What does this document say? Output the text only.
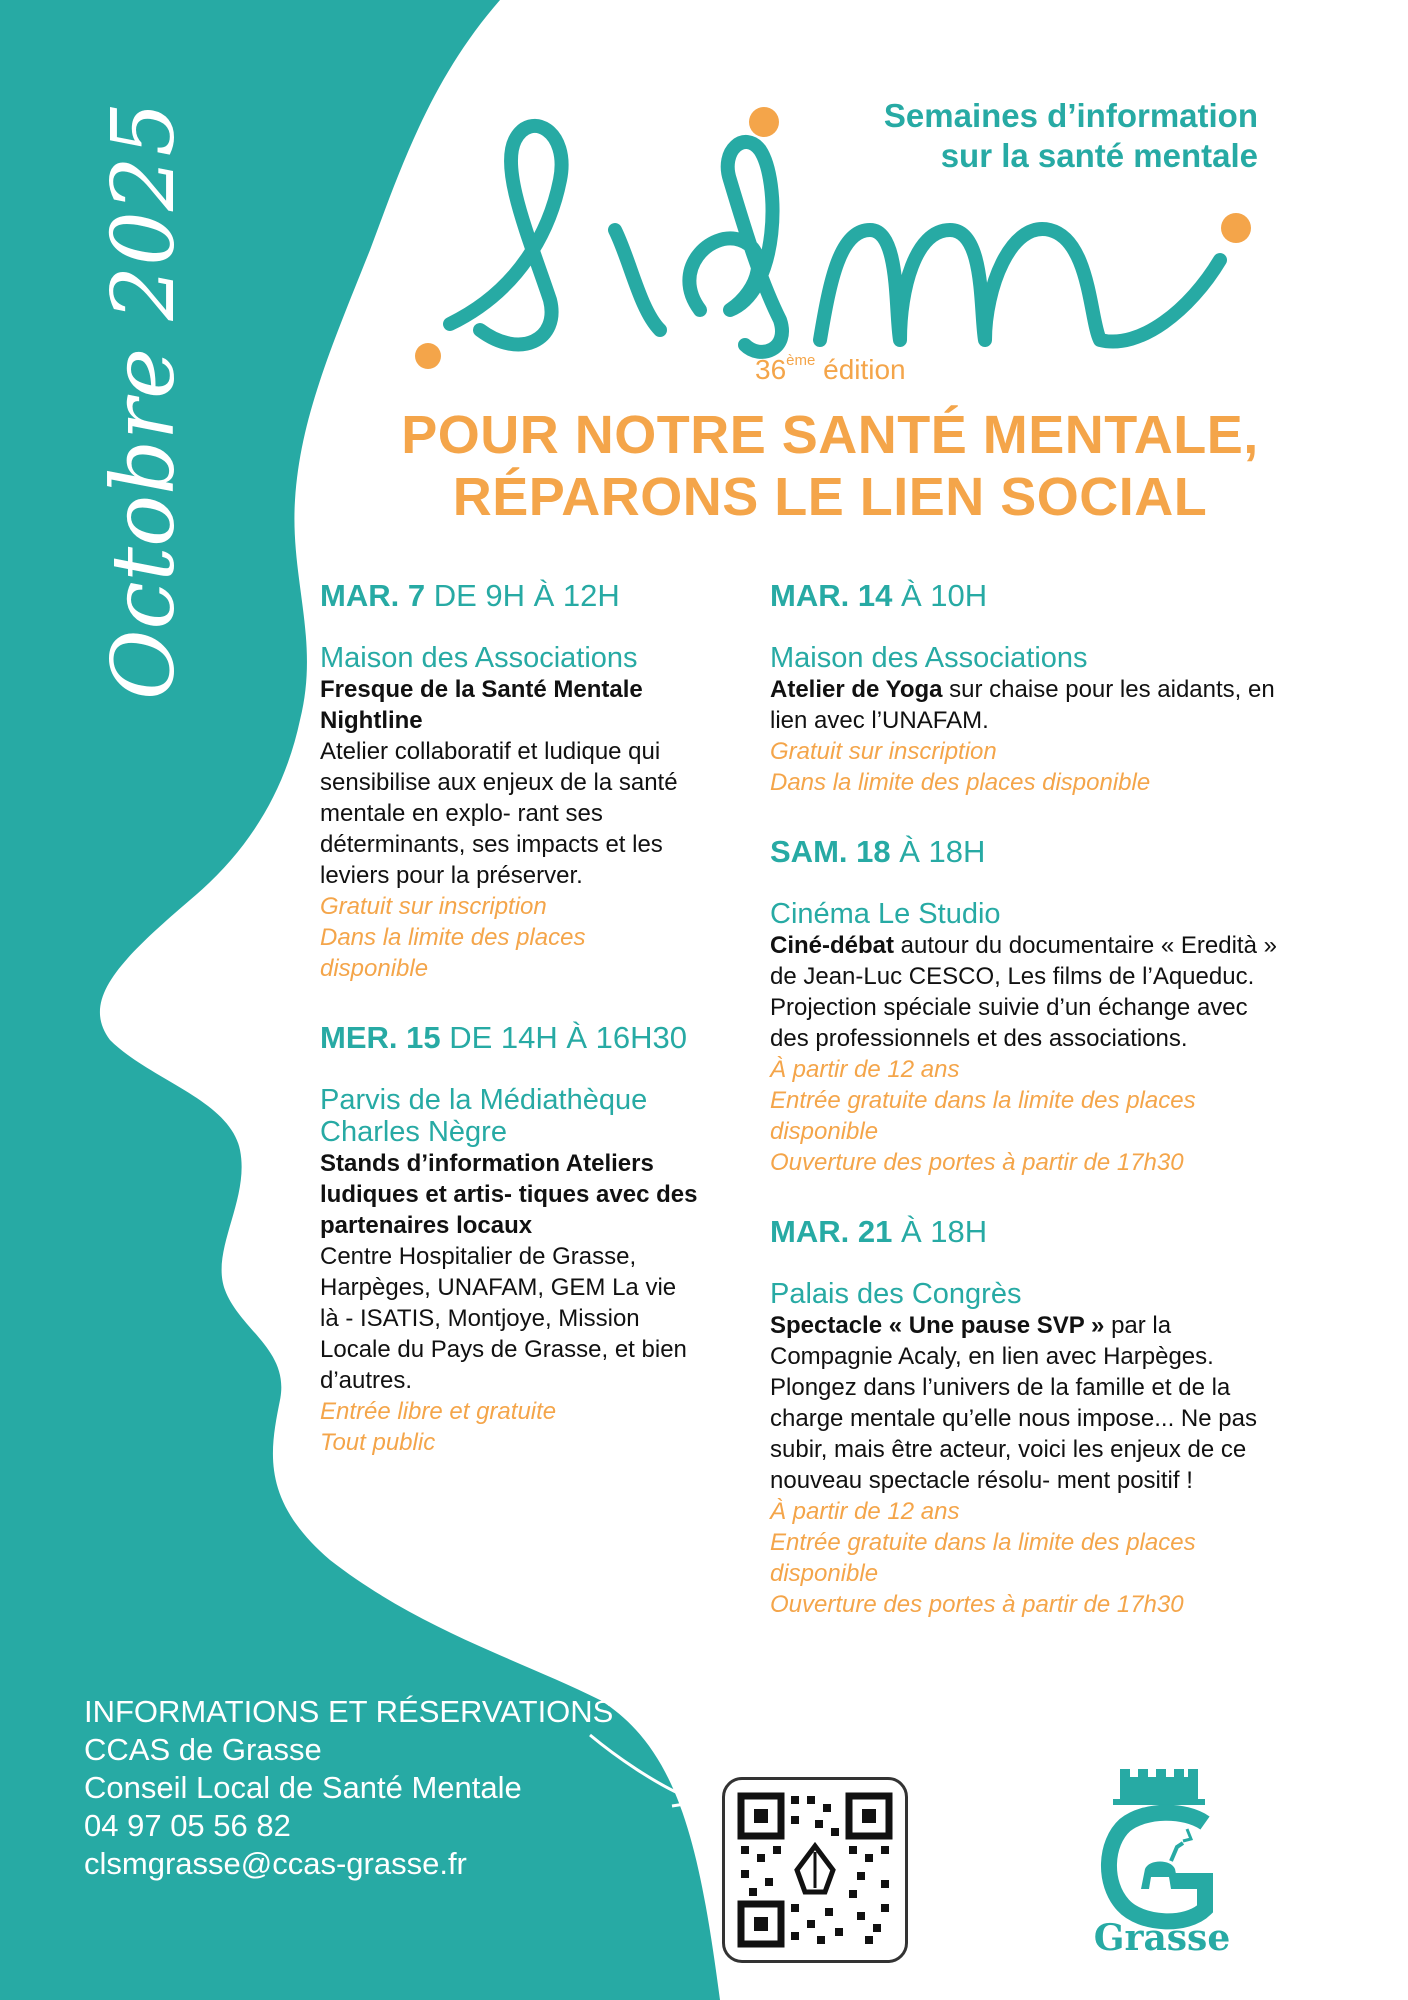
Octobre 2025	Semaines d’information
sur la santé mentale
36ème édition
POUR NOTRE SANTÉ MENTALE,
RÉPARONS LE LIEN SOCIAL
MAR. 7 DE 9H À 12H
Maison des Associations
Fresque de la Santé Mentale Nightline
Atelier collaboratif et ludique qui sensibilise aux enjeux de la santé mentale en explo- rant ses déterminants, ses impacts et les leviers pour la préserver.
Gratuit sur inscription
Dans la limite des places disponible
MER. 15 DE 14H À 16H30
Parvis de la Médiathèque Charles Nègre
Stands d’information Ateliers ludiques et artis- tiques avec des partenaires locaux
Centre Hospitalier de Grasse, Harpèges, UNAFAM, GEM La vie là - ISATIS, Montjoye, Mission Locale du Pays de Grasse, et bien d’autres.
Entrée libre et gratuite
Tout public
MAR. 14 À 10H
Maison des Associations
Atelier de Yoga sur chaise pour les aidants, en lien avec l’UNAFAM.
Gratuit sur inscription
Dans la limite des places disponible
SAM. 18 À 18H
Cinéma Le Studio
Ciné-débat autour du documentaire « Eredità » de Jean-Luc CESCO, Les films de l’Aqueduc. Projection spéciale suivie d’un échange avec des professionnels et des associations.
À partir de 12 ans
Entrée gratuite dans la limite des places disponible
Ouverture des portes à partir de 17h30
MAR. 21 À 18H
Palais des Congrès
Spectacle « Une pause SVP » par la Compagnie Acaly, en lien avec Harpèges. Plongez dans l’univers de la famille et de la charge mentale qu’elle nous impose... Ne pas subir, mais être acteur, voici les enjeux de ce nouveau spectacle résolu- ment positif !
À partir de 12 ans
Entrée gratuite dans la limite des places disponible
Ouverture des portes à partir de 17h30
INFORMATIONS ET RÉSERVATIONS
CCAS de Grasse
Conseil Local de Santé Mentale
04 97 05 56 82
clsmgrasse@ccas-grasse.fr
Grasse
